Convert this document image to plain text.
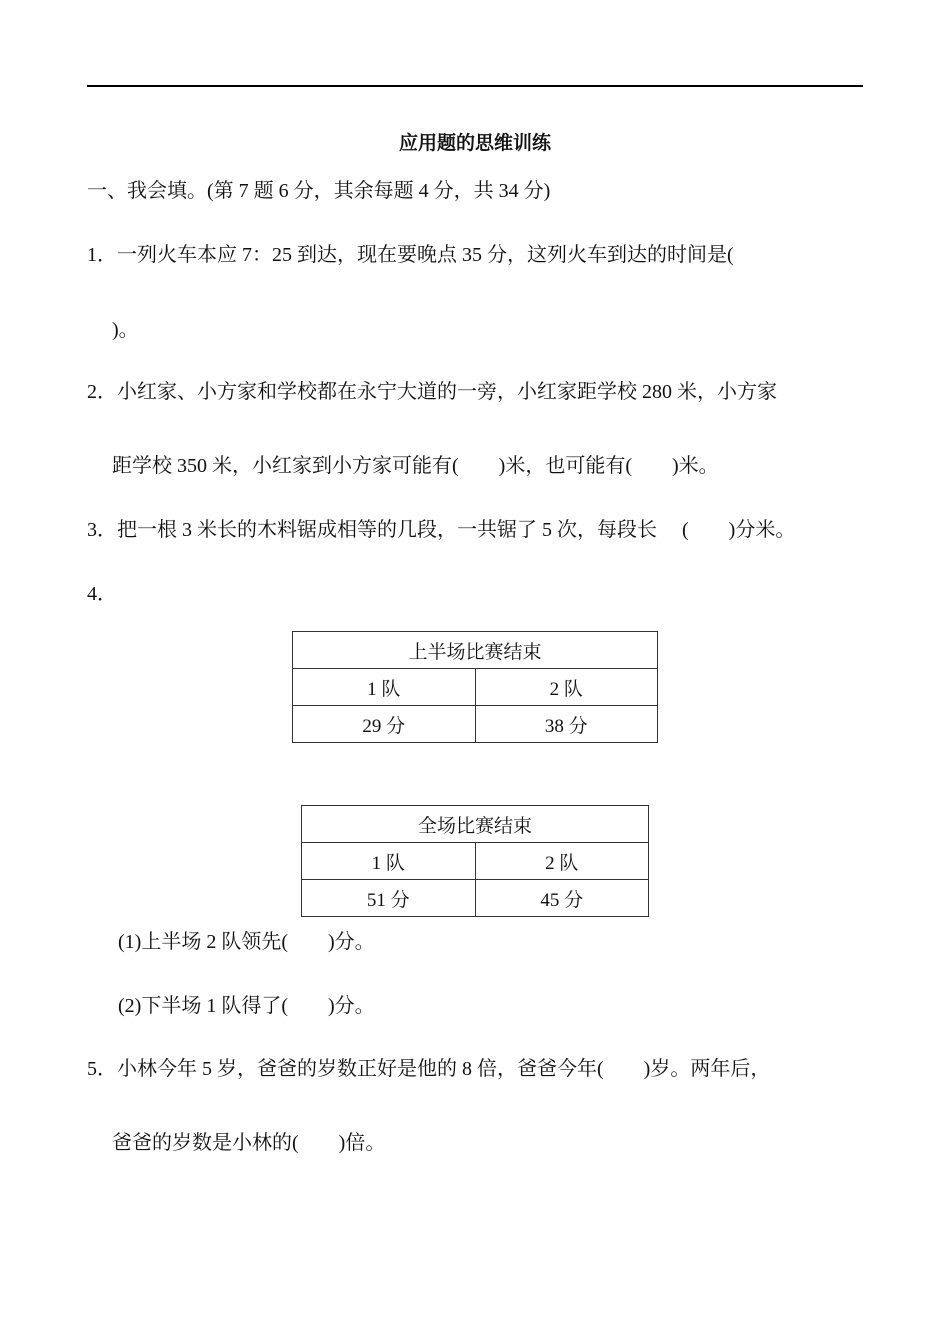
应用题的思维训练
一、我会填。(第 7 题 6 分，其余每题 4 分，共 34 分)
1．一列火车本应 7：25 到达，现在要晚点 35 分，这列火车到达的时间是(
)。
2．小红家、小方家和学校都在永宁大道的一旁，小红家距学校 280 米，小方家
距学校 350 米，小红家到小方家可能有(　　)米，也可能有(　　)米。
3．把一根 3 米长的木料锯成相等的几段，一共锯了 5 次，每段长　 (　　)分米。
4．
上半场比赛结束	
1 队	2 队
29 分	38 分
全场比赛结束	
1 队	2 队
51 分	45 分
(1)上半场 2 队领先(　　)分。
(2)下半场 1 队得了(　　)分。
5．小林今年 5 岁，爸爸的岁数正好是他的 8 倍，爸爸今年(　　)岁。两年后，
爸爸的岁数是小林的(　　)倍。
